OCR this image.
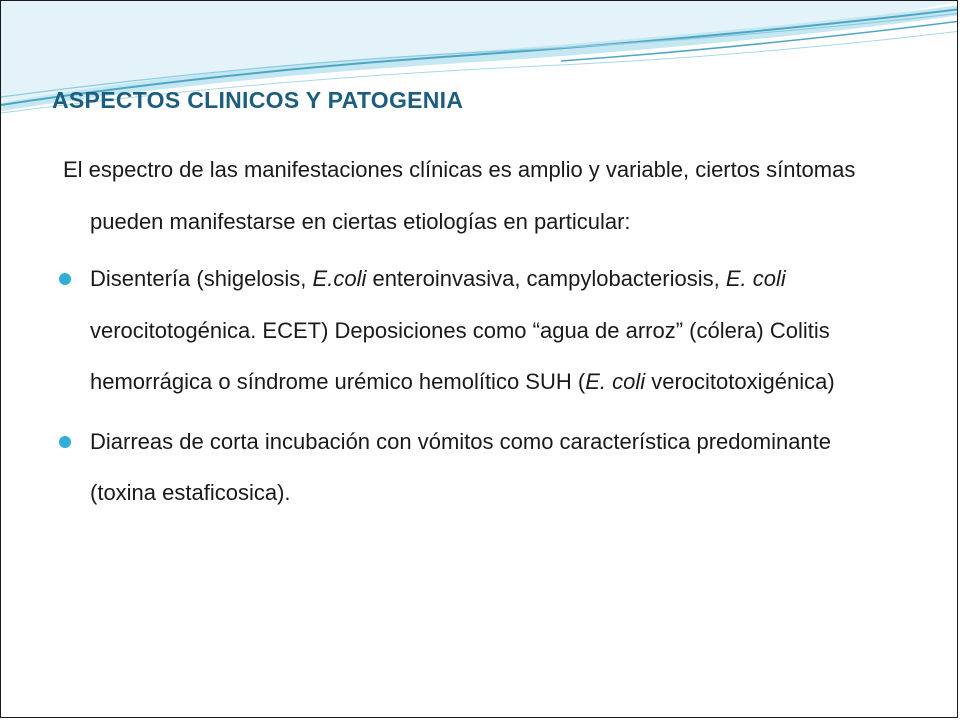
ASPECTOS CLINICOS Y PATOGENIA

El espectro de las manifestaciones clínicas es amplio y variable, ciertos síntomas pueden manifestarse en ciertas etiologías en particular:

Disentería (shigelosis, E.coli enteroinvasiva, campylobacteriosis, E. coli verocitotogénica. ECET) Deposiciones como “agua de arroz” (cólera) Colitis hemorrágica o síndrome urémico hemolítico SUH (E. coli verocitotoxigénica)

Diarreas de corta incubación con vómitos como característica predominante (toxina estaficosica).
